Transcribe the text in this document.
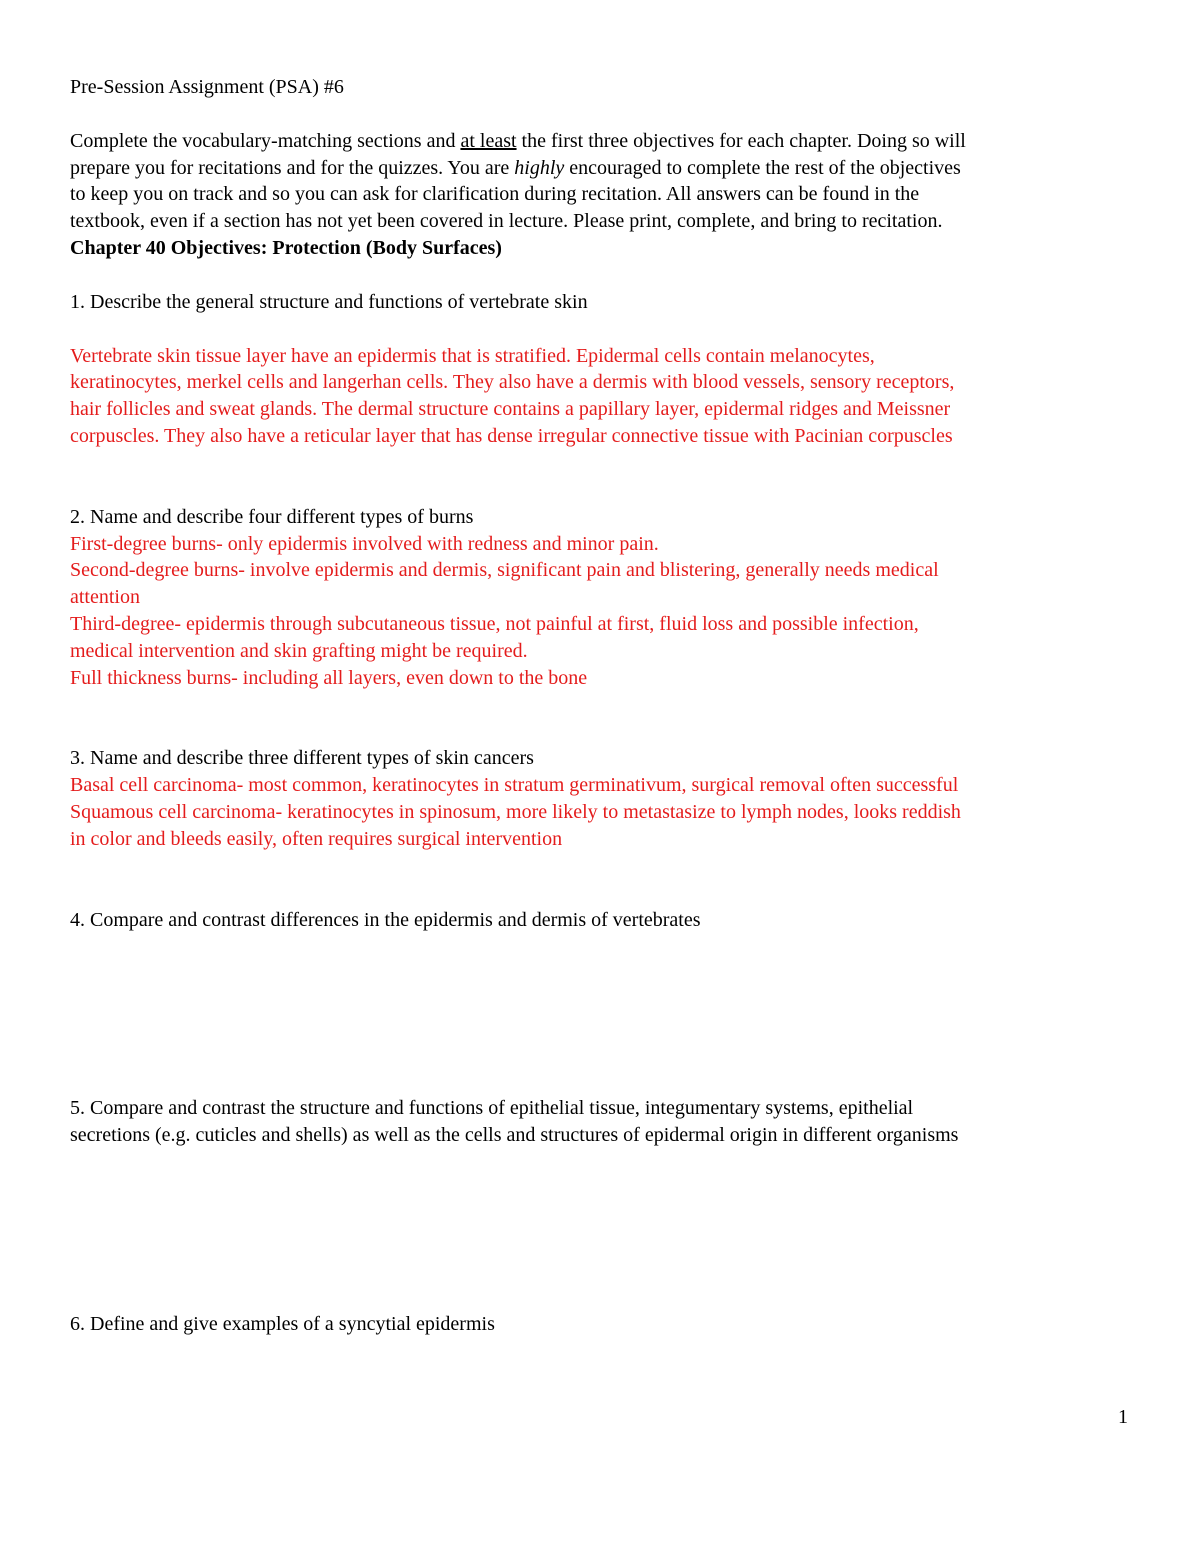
Pre-Session Assignment (PSA) #6

Complete the vocabulary-matching sections and at least the first three objectives for each chapter. Doing so will

prepare you for recitations and for the quizzes. You are highly encouraged to complete the rest of the objectives

to keep you on track and so you can ask for clarification during recitation. All answers can be found in the

textbook, even if a section has not yet been covered in lecture. Please print, complete, and bring to recitation.

Chapter 40 Objectives: Protection (Body Surfaces)

1. Describe the general structure and functions of vertebrate skin

Vertebrate skin tissue layer have an epidermis that is stratified. Epidermal cells contain melanocytes,

keratinocytes, merkel cells and langerhan cells. They also have a dermis with blood vessels, sensory receptors,

hair follicles and sweat glands. The dermal structure contains a papillary layer, epidermal ridges and Meissner

corpuscles. They also have a reticular layer that has dense irregular connective tissue with Pacinian corpuscles

2. Name and describe four different types of burns

First-degree burns- only epidermis involved with redness and minor pain.

Second-degree burns- involve epidermis and dermis, significant pain and blistering, generally needs medical

attention

Third-degree- epidermis through subcutaneous tissue, not painful at first, fluid loss and possible infection,

medical intervention and skin grafting might be required.

Full thickness burns- including all layers, even down to the bone

3. Name and describe three different types of skin cancers

Basal cell carcinoma- most common, keratinocytes in stratum germinativum, surgical removal often successful

Squamous cell carcinoma- keratinocytes in spinosum, more likely to metastasize to lymph nodes, looks reddish

in color and bleeds easily, often requires surgical intervention

4. Compare and contrast differences in the epidermis and dermis of vertebrates

5. Compare and contrast the structure and functions of epithelial tissue, integumentary systems, epithelial

secretions (e.g. cuticles and shells) as well as the cells and structures of epidermal origin in different organisms

6. Define and give examples of a syncytial epidermis

1
